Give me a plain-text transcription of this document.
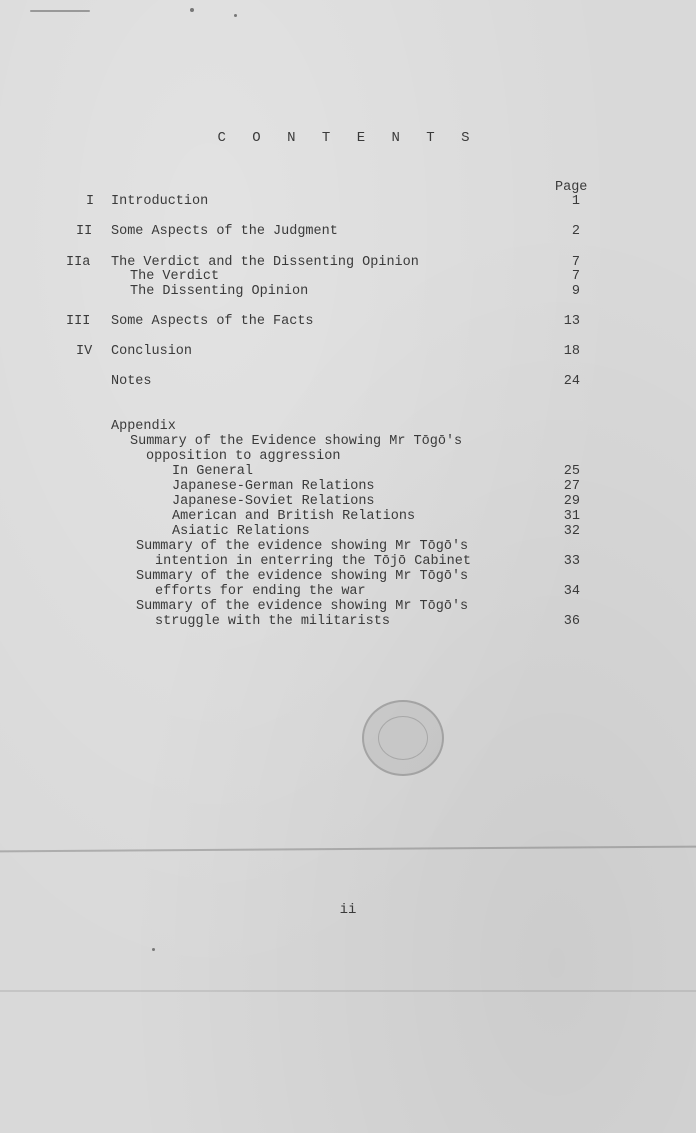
C O N T E N T S
Page
I Introduction	1
II Some Aspects of the Judgment	2
IIa The Verdict and the Dissenting Opinion	7
The Verdict	7
The Dissenting Opinion	9
III Some Aspects of the Facts	13
IV Conclusion	18
Notes	24
Appendix
Summary of the Evidence showing Mr Tōgō's
opposition to aggression
In General	25
Japanese-German Relations	27
Japanese-Soviet Relations	29
American and British Relations	31
Asiatic Relations	32
Summary of the evidence showing Mr Tōgō's
intention in enterring the Tōjō Cabinet	33
Summary of the evidence showing Mr Tōgō's
efforts for ending the war	34
Summary of the evidence showing Mr Tōgō's
struggle with the militarists	36
ii
